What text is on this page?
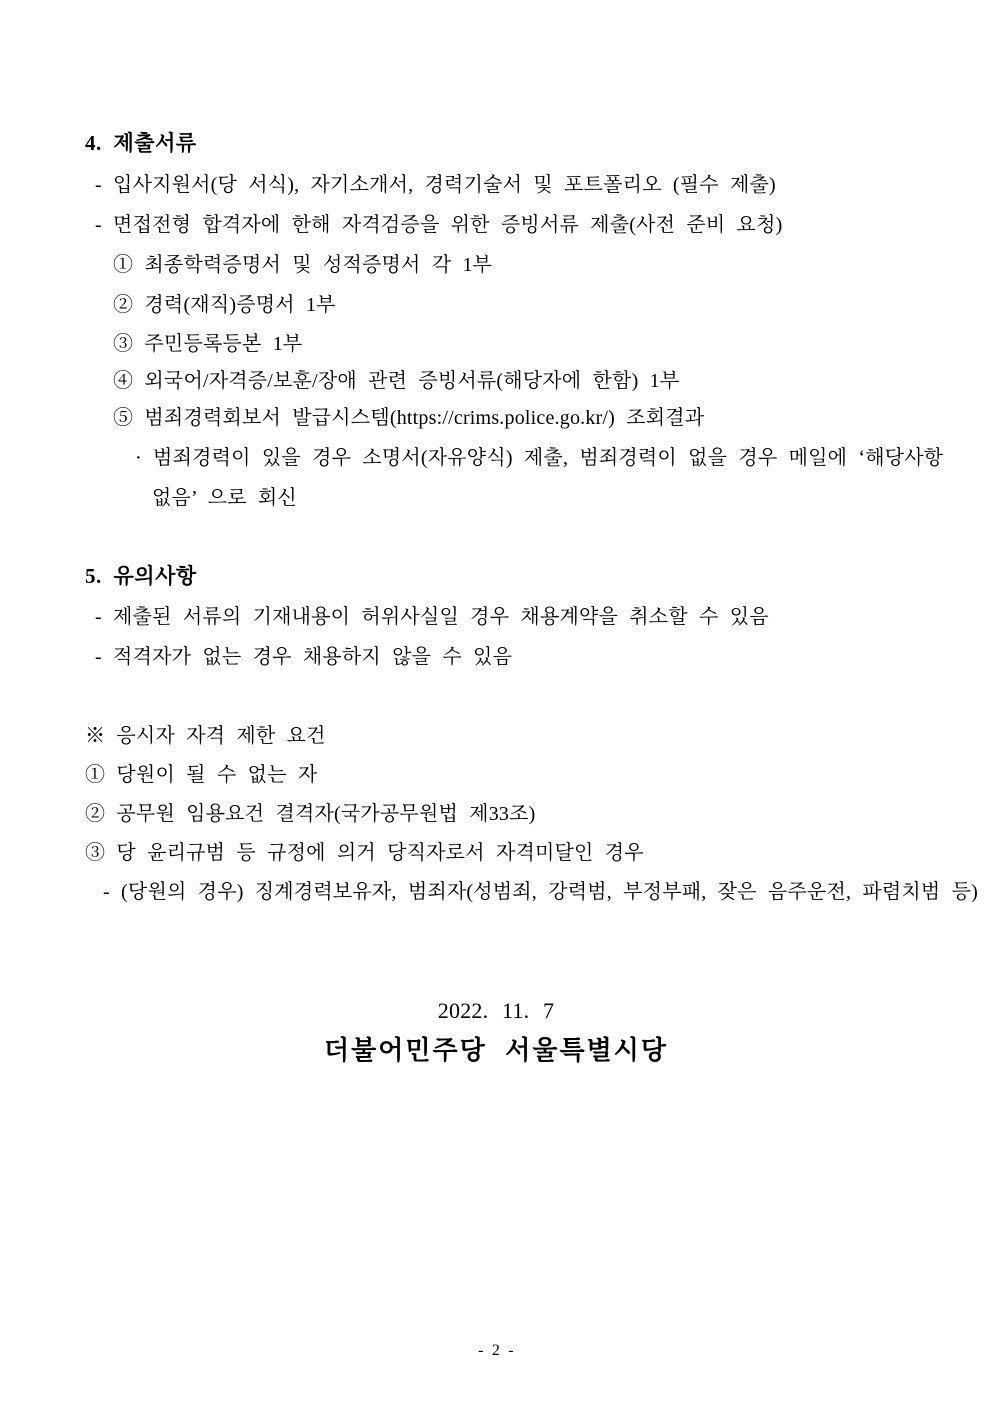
4. 제출서류
- 입사지원서(당 서식), 자기소개서, 경력기술서 및 포트폴리오 (필수 제출)
- 면접전형 합격자에 한해 자격검증을 위한 증빙서류 제출(사전 준비 요청)
① 최종학력증명서 및 성적증명서 각 1부
② 경력(재직)증명서 1부
③ 주민등록등본 1부
④ 외국어/자격증/보훈/장애 관련 증빙서류(해당자에 한함) 1부
⑤ 범죄경력회보서 발급시스템(https://crims.police.go.kr/) 조회결과
· 범죄경력이 있을 경우 소명서(자유양식) 제출, 범죄경력이 없을 경우 메일에 ‘해당사항
없음’ 으로 회신
5. 유의사항
- 제출된 서류의 기재내용이 허위사실일 경우 채용계약을 취소할 수 있음
- 적격자가 없는 경우 채용하지 않을 수 있음
※ 응시자 자격 제한 요건
① 당원이 될 수 없는 자
② 공무원 임용요건 결격자(국가공무원법 제33조)
③ 당 윤리규범 등 규정에 의거 당직자로서 자격미달인 경우
- (당원의 경우) 징계경력보유자, 범죄자(성범죄, 강력범, 부정부패, 잦은 음주운전, 파렴치범 등)
2022. 11. 7
더불어민주당 서울특별시당
- 2 -
